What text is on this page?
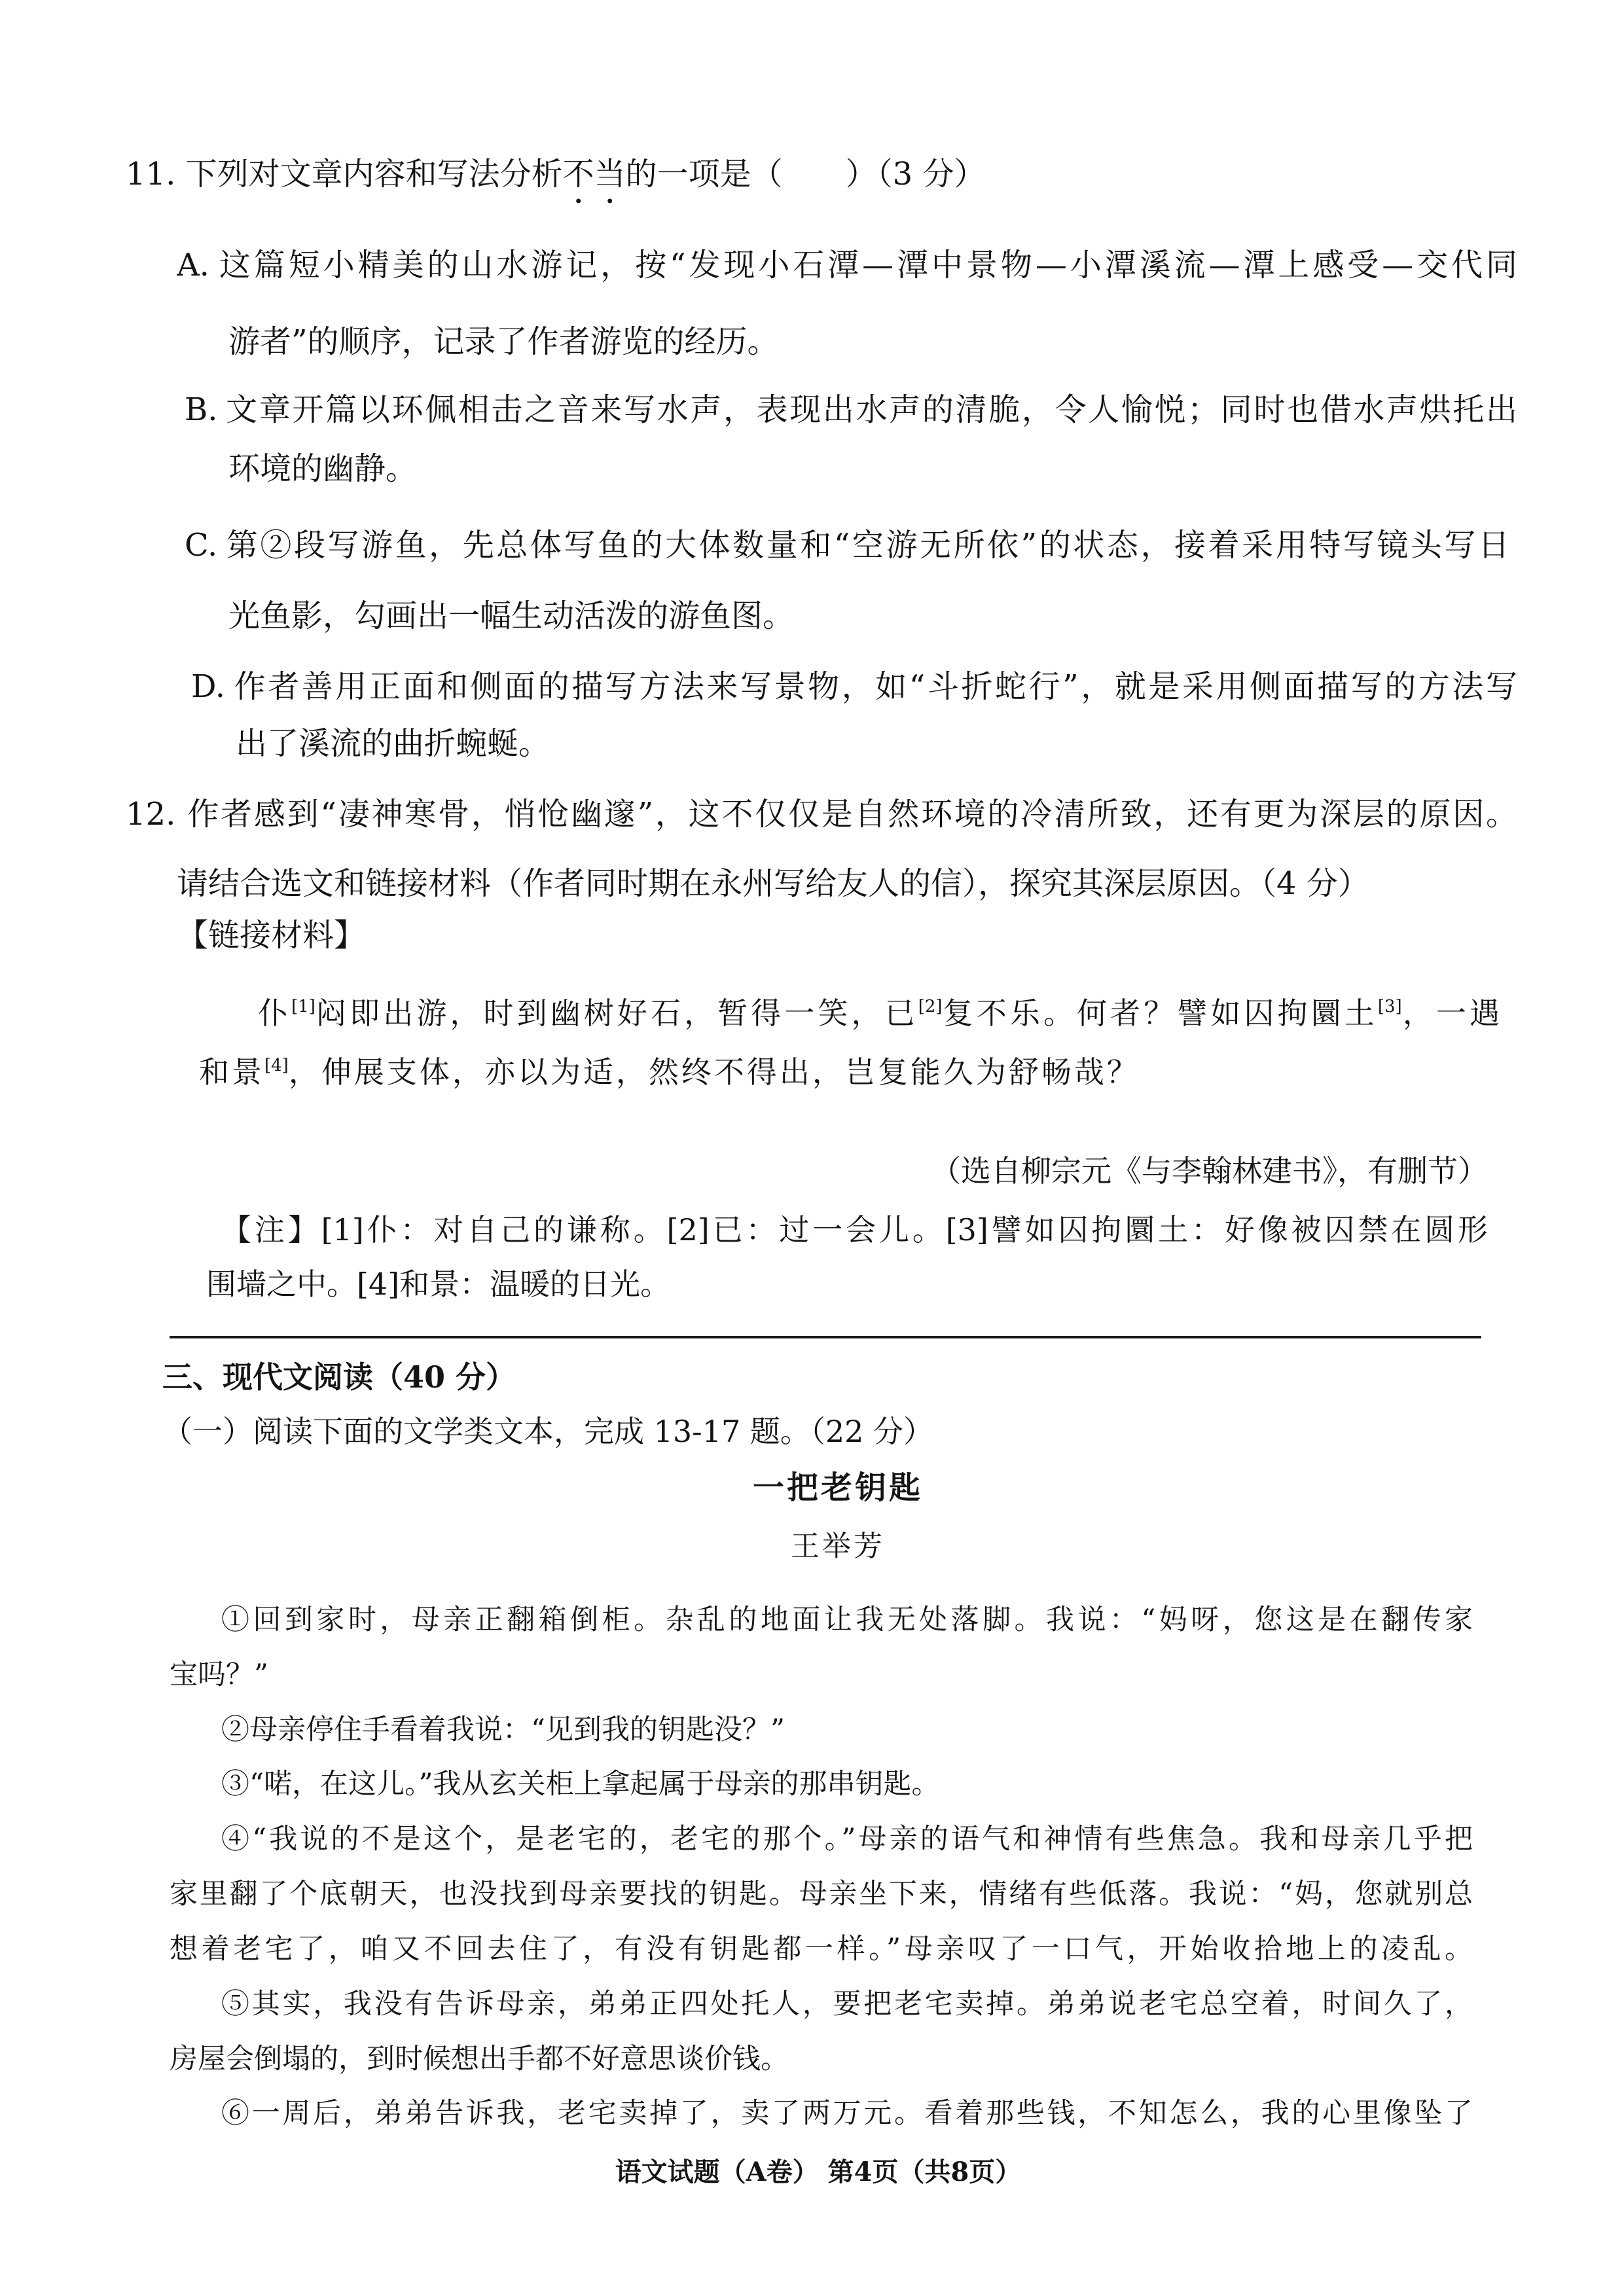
11. 下列对文章内容和写法分析不当的一项是（　　）（3 分）
A. 这篇短小精美的山水游记，按“发现小石潭—潭中景物—小潭溪流—潭上感受—交代同
游者”的顺序，记录了作者游览的经历。
B. 文章开篇以环佩相击之音来写水声，表现出水声的清脆，令人愉悦；同时也借水声烘托出
环境的幽静。
C. 第②段写游鱼，先总体写鱼的大体数量和“空游无所依”的状态，接着采用特写镜头写日
光鱼影，勾画出一幅生动活泼的游鱼图。
D. 作者善用正面和侧面的描写方法来写景物，如“斗折蛇行”，就是采用侧面描写的方法写
出了溪流的曲折蜿蜒。
12. 作者感到“凄神寒骨，悄怆幽邃”，这不仅仅是自然环境的冷清所致，还有更为深层的原因。
请结合选文和链接材料（作者同时期在永州写给友人的信），探究其深层原因。（4 分）
【链接材料】
仆[1]闷即出游，时到幽树好石，暂得一笑，已[2]复不乐。何者？譬如囚拘圜土[3]，一遇
和景[4]，伸展支体，亦以为适，然终不得出，岂复能久为舒畅哉？
（选自柳宗元《与李翰林建书》，有删节）
【注】[1]仆：对自己的谦称。[2]已：过一会儿。[3]譬如囚拘圜土：好像被囚禁在圆形
围墙之中。[4]和景：温暖的日光。
三、现代文阅读（40 分）
（一）阅读下面的文学类文本，完成 13-17 题。（22 分）
一把老钥匙
王举芳
①回到家时，母亲正翻箱倒柜。杂乱的地面让我无处落脚。我说：“妈呀，您这是在翻传家
宝吗？”
②母亲停住手看着我说：“见到我的钥匙没？”
③“喏，在这儿。”我从玄关柜上拿起属于母亲的那串钥匙。
④“我说的不是这个，是老宅的，老宅的那个。”母亲的语气和神情有些焦急。我和母亲几乎把
家里翻了个底朝天，也没找到母亲要找的钥匙。母亲坐下来，情绪有些低落。我说：“妈，您就别总
想着老宅了，咱又不回去住了，有没有钥匙都一样。”母亲叹了一口气，开始收拾地上的凌乱。
⑤其实，我没有告诉母亲，弟弟正四处托人，要把老宅卖掉。弟弟说老宅总空着，时间久了，
房屋会倒塌的，到时候想出手都不好意思谈价钱。
⑥一周后，弟弟告诉我，老宅卖掉了，卖了两万元。看着那些钱，不知怎么，我的心里像坠了
语文试题（A卷） 第4页（共8页）
